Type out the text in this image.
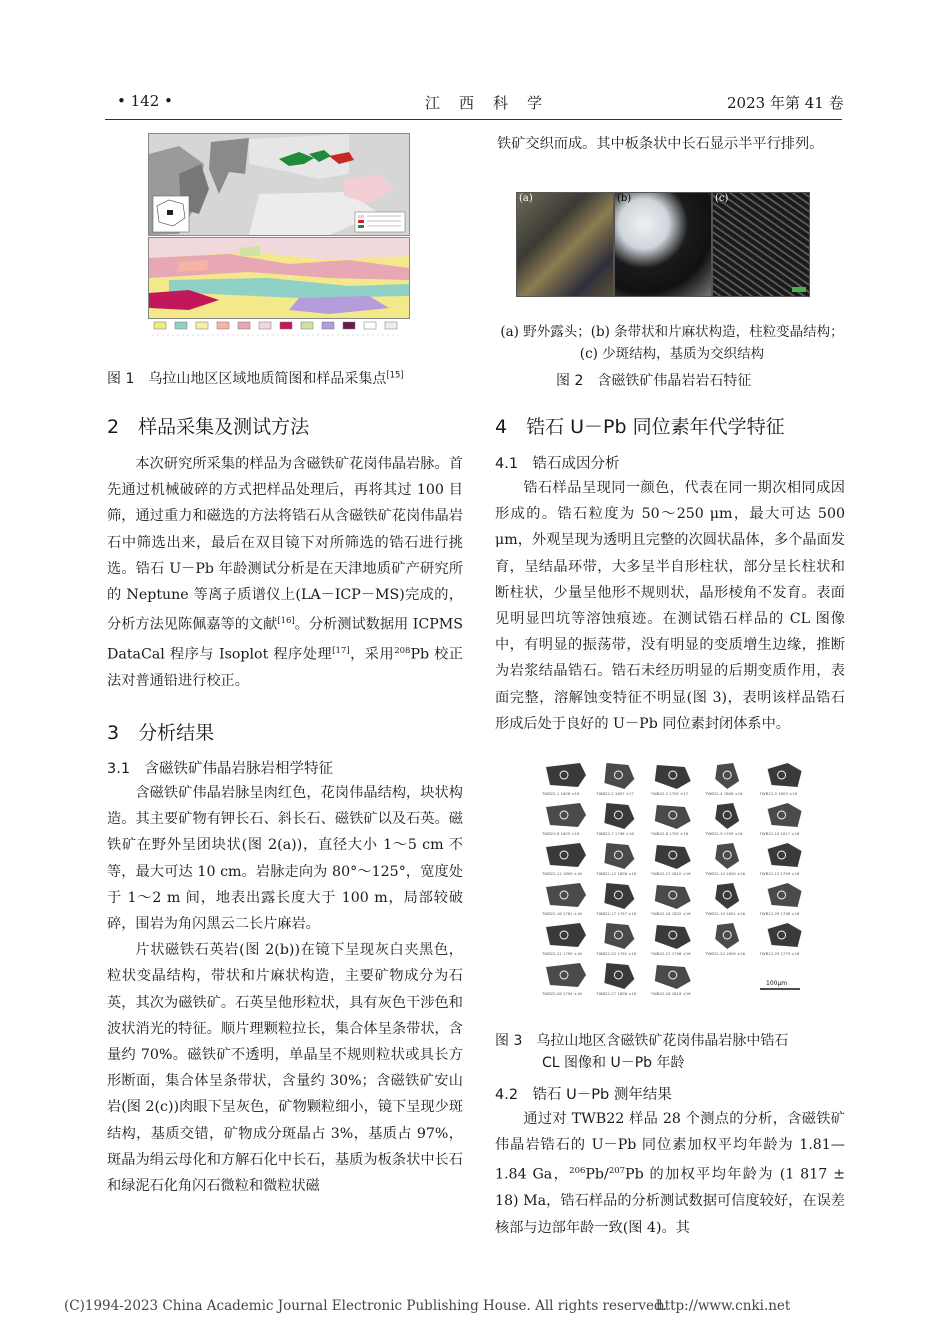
• 142 •	江　西　科　学	2023 年第 41 卷
图 1　乌拉山地区区域地质简图和样品采集点[15]
2　样品采集及测试方法

本次研究所采集的样品为含磁铁矿花岗伟晶岩脉。首先通过机械破碎的方式把样品处理后，再将其过 100 目筛，通过重力和磁选的方法将锆石从含磁铁矿花岗伟晶岩石中筛选出来，最后在双目镜下对所筛选的锆石进行挑选。锆石 U－Pb 年龄测试分析是在天津地质矿产研究所的 Neptune 等离子质谱仪上(LA－ICP－MS)完成的，分析方法见陈佩嘉等的文献[16]。分析测试数据用 ICPMS DataCal 程序与 Isoplot 程序处理[17]，采用$^{208}$Pb 校正法对普通铅进行校正。

3　分析结果
3.1　含磁铁矿伟晶岩脉岩相学特征

含磁铁矿伟晶岩脉呈肉红色，花岗伟晶结构，块状构造。其主要矿物有钾长石、斜长石、磁铁矿以及石英。磁铁矿在野外呈团块状(图 2(a))，直径大小 1～5 cm 不等，最大可达 10 cm。岩脉走向为 80°～125°，宽度处于 1～2 m 间，地表出露长度大于 100 m，局部较破碎，围岩为角闪黑云二长片麻岩。

片状磁铁石英岩(图 2(b))在镜下呈现灰白夹黑色，粒状变晶结构，带状和片麻状构造，主要矿物成分为石英，其次为磁铁矿。石英呈他形粒状，具有灰色干涉色和波状消光的特征。顺片理颗粒拉长，集合体呈条带状，含量约 70%。磁铁矿不透明，单晶呈不规则粒状或具长方形断面，集合体呈条带状，含量约 30%；含磁铁矿安山岩(图 2(c))肉眼下呈灰色，矿物颗粒细小，镜下呈现少斑结构，基质交错，矿物成分斑晶占 3%，基质占 97%，斑晶为绢云母化和方解石化中长石，基质为板条状中长石和绿泥石化角闪石微粒和微粒状磁

铁矿交织而成。其中板条状中长石显示半平行排列。

(a)	(b)	(c)
(a) 野外露头；(b) 条带状和片麻状构造，柱粒变晶结构；
(c) 少斑结构，基质为交织结构
图 2　含磁铁矿伟晶岩岩石特征
4　锆石 U－Pb 同位素年代学特征
4.1　锆石成因分析

锆石样品呈现同一颜色，代表在同一期次相同成因形成的。锆石粒度为 50～250 μm，最大可达 500 μm，外观呈现为透明且完整的次圆状晶体，多个晶面发育，呈结晶环带，大多呈半自形柱状，部分呈长柱状和断柱状，少量呈他形不规则状，晶形棱角不发育。表面见明显凹坑等溶蚀痕迹。在测试锆石样品的 CL 图像中，有明显的振荡带，没有明显的变质增生边缘，推断为岩浆结晶锆石。锆石未经历明显的后期变质作用，表面完整，溶解蚀变特征不明显(图 3)，表明该样品锆石形成后处于良好的 U－Pb 同位素封闭体系中。

TWB22-1 1806 ±16	TWB22-2 1807 ±17	TWB22-3 1792 ±17	TWB22-4 1806 ±16	TWB22-5 1803 ±16
TWB22-6 1805 ±16	TWB22-7 1798 ±16	TWB22-8 1792 ±16	TWB22-9 1799 ±16	TWB22-10 1817 ±16
TWB22-11 1809 ±16	TWB22-12 1808 ±16	TWB22-13 1810 ±16	TWB22-14 1800 ±16	TWB22-15 1799 ±16
TWB22-16 1781 ±16	TWB22-17 1797 ±16	TWB22-18 1832 ±16	TWB22-19 1801 ±16	TWB22-20 1798 ±16
TWB22-21 1795 ±16	TWB22-22 1791 ±16	TWB22-23 1798 ±16	TWB22-24 1809 ±16	TWB22-25 1775 ±16
TWB22-26 1794 ±16	TWB22-27 1808 ±16	TWB22-28 1816 ±16
100μm
图 3　乌拉山地区含磁铁矿花岗伟晶岩脉中锆石
CL 图像和 U－Pb 年龄
4.2　锆石 U－Pb 测年结果

通过对 TWB22 样品 28 个测点的分析，含磁铁矿伟晶岩锆石的 U－Pb 同位素加权平均年龄为 1.81—1.84 Ga，$^{206}$Pb/$^{207}$Pb 的加权平均年龄为 (1 817 ± 18) Ma，锆石样品的分析测试数据可信度较好，在误差核部与边部年龄一致(图 4)。其

(C)1994-2023 China Academic Journal Electronic Publishing House. All rights reserved.
http://www.cnki.net
